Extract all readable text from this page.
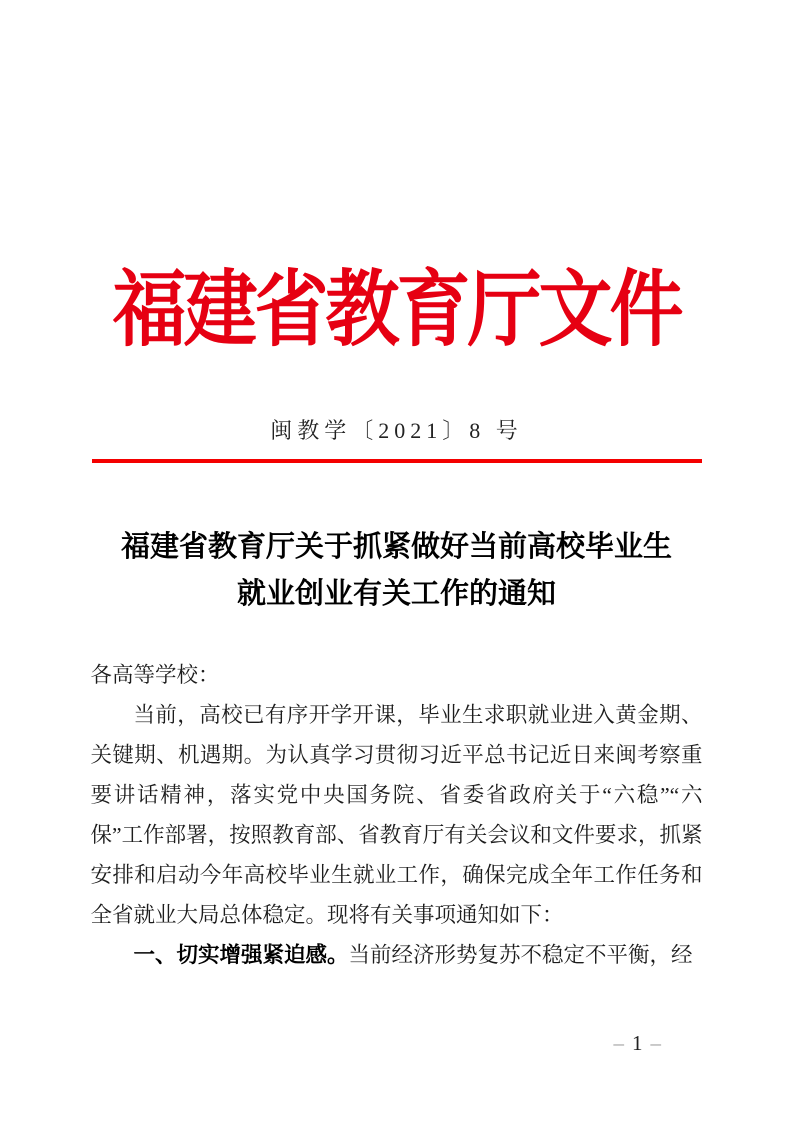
福建省教育厅文件
闽教学〔2021〕8 号
福建省教育厅关于抓紧做好当前高校毕业生
就业创业有关工作的通知

各高等学校：

当前，高校已有序开学开课，毕业生求职就业进入黄金期、关键期、机遇期。为认真学习贯彻习近平总书记近日来闽考察重要讲话精神，落实党中央国务院、省委省政府关于“六稳”“六保”工作部署，按照教育部、省教育厅有关会议和文件要求，抓紧安排和启动今年高校毕业生就业工作，确保完成全年工作任务和全省就业大局总体稳定。现将有关事项通知如下：

一、切实增强紧迫感。当前经济形势复苏不稳定不平衡，经

– 1 –
